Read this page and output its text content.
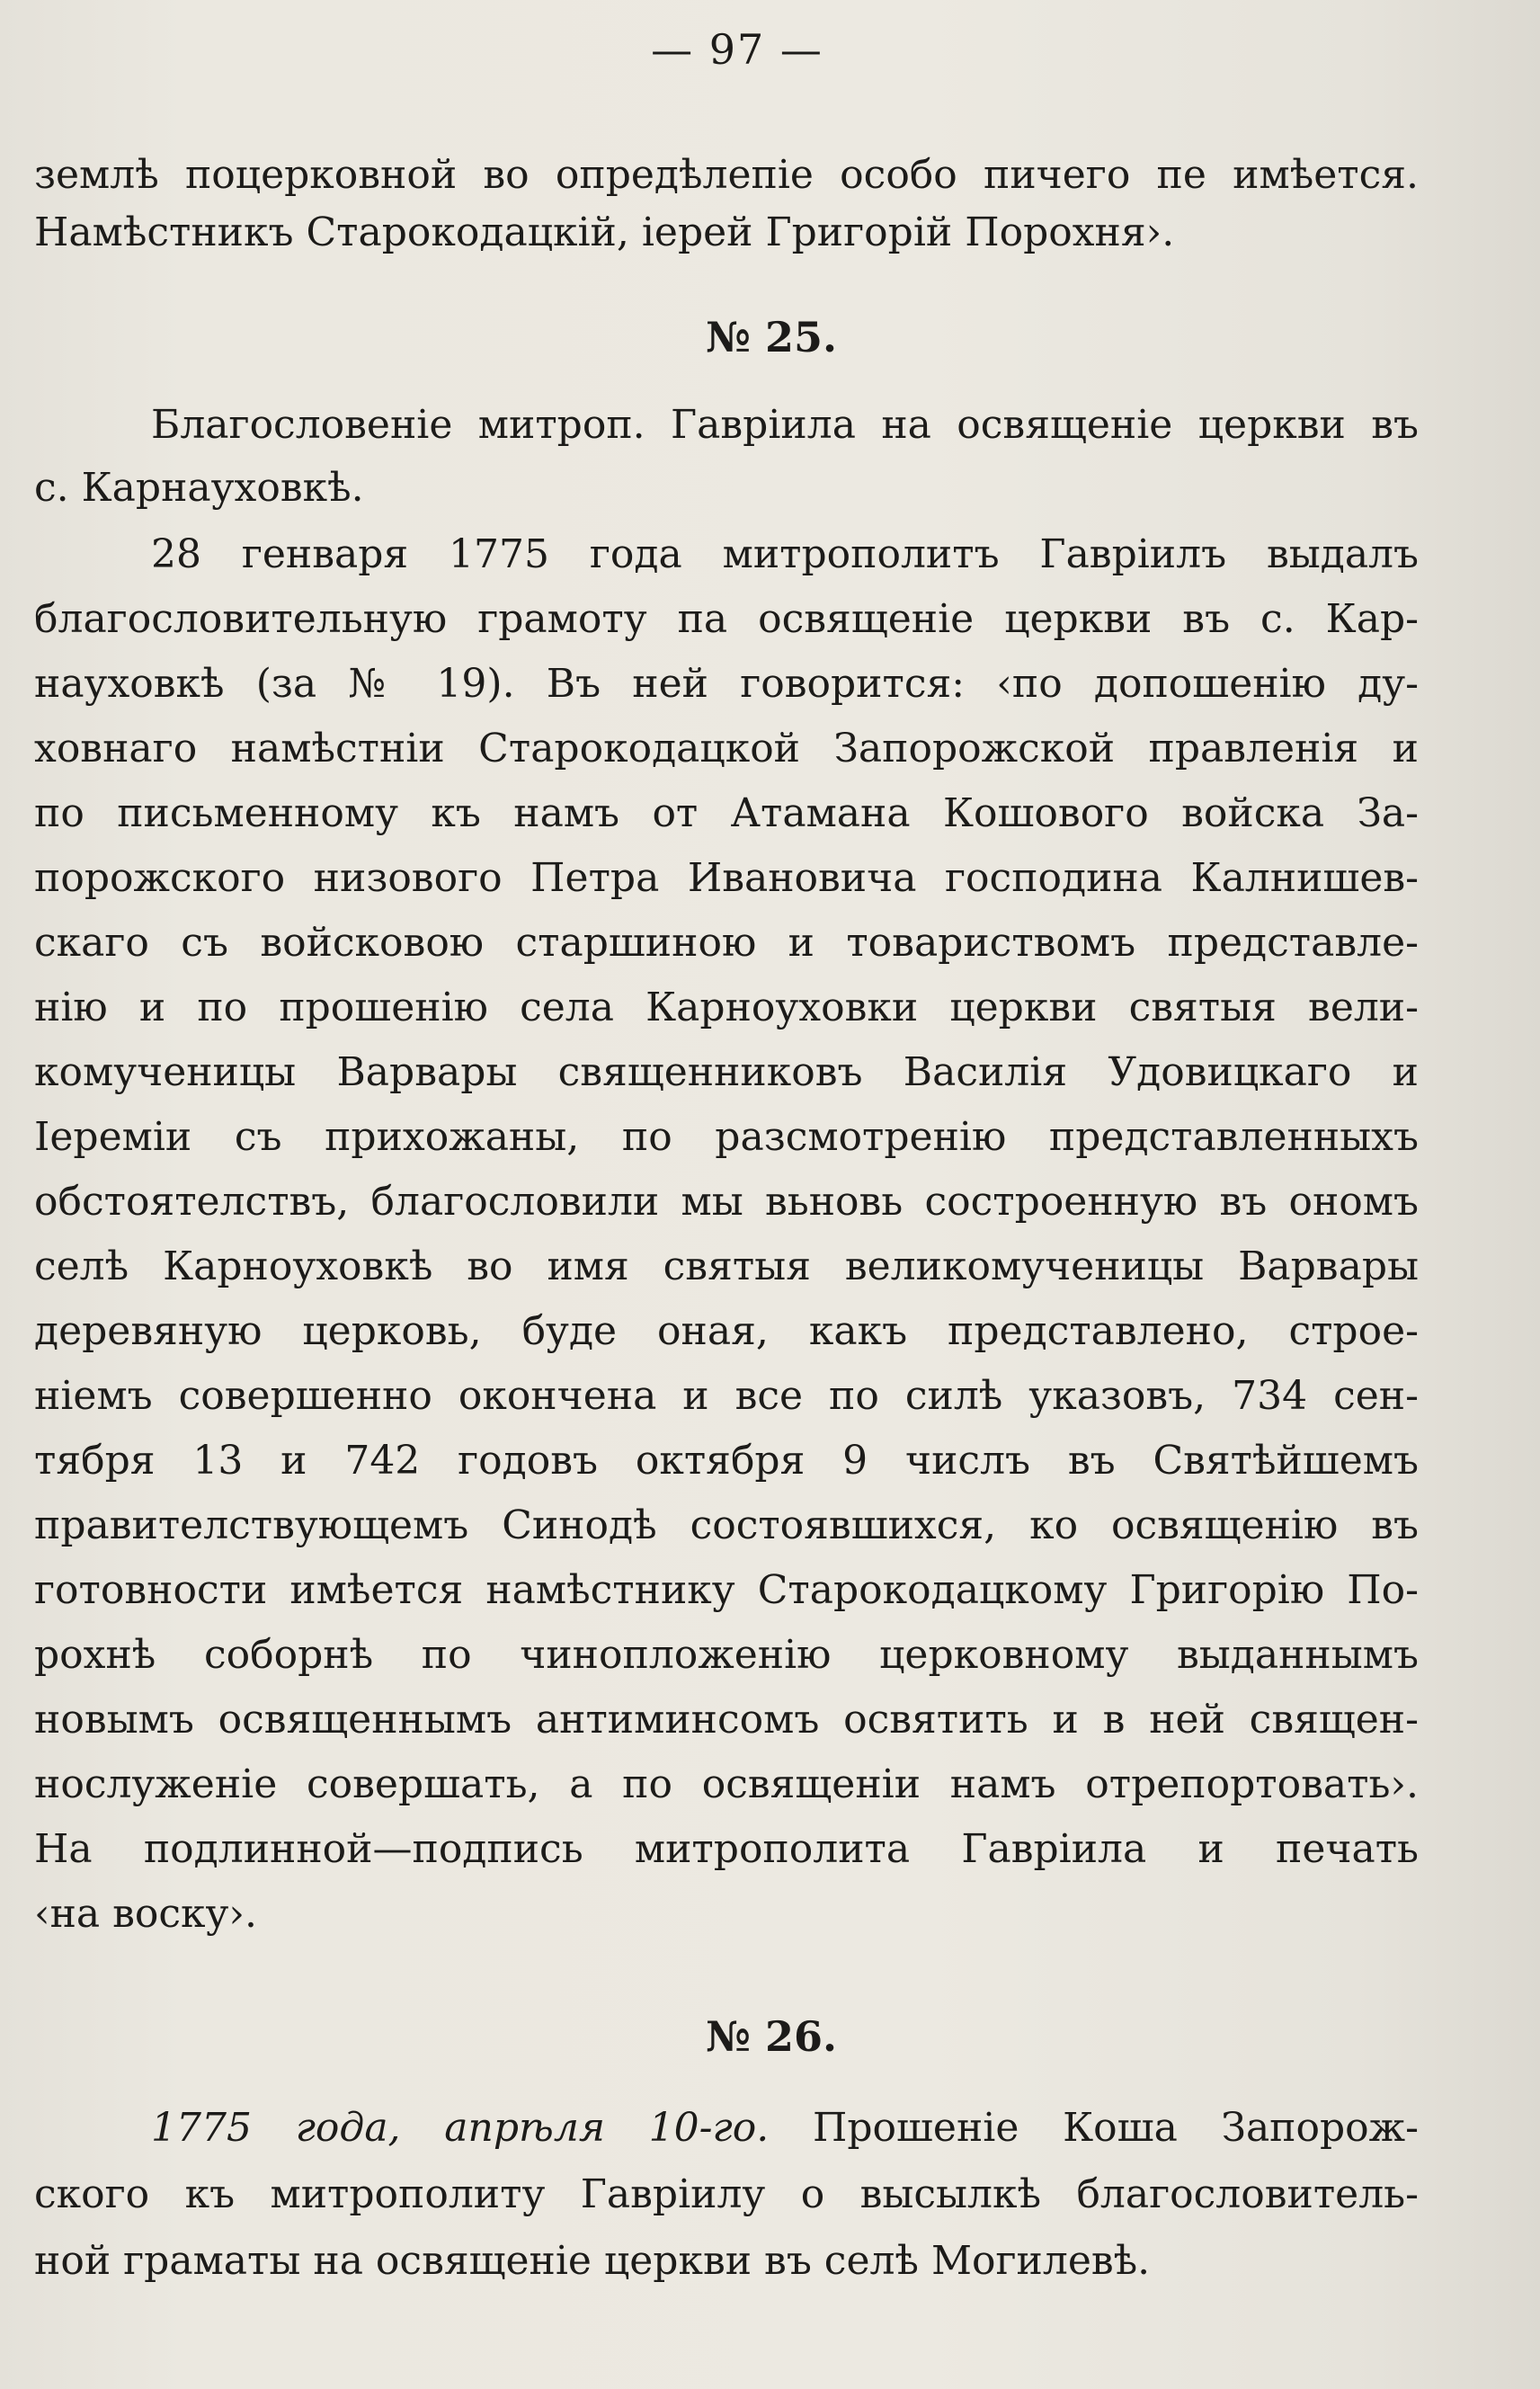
— 97 —
землѣ поцерковной во опредѣлепіе особо пичего пе имѣется.
Намѣстникъ Старокодацкій, іерей Григорій Порохня›.
№ 25.
Благословеніе митроп. Гавріила на освященіе церкви въ
с. Карнауховкѣ.
28 генваря 1775 года митрополитъ Гавріилъ выдалъ
благословительную грамоту па освященіе церкви въ с. Кар-
науховкѣ (за № 19). Въ ней говорится: ‹по допошенію ду-
ховнаго намѣстніи Старокодацкой Запорожской правленія и
по письменному къ намъ от Атамана Кошового войска За-
порожского низового Петра Ивановича господина Калнишев-
скаго съ войсковою старшиною и товариствомъ представле-
нію и по прошенію села Карноуховки церкви святыя вели-
комученицы Варвары священниковъ Василія Удовицкаго и
Іереміи съ прихожаны, по разсмотренію представленныхъ
обстоятелствъ, благословили мы вьновь состроенную въ ономъ
селѣ Карноуховкѣ во имя святыя великомученицы Варвары
деревяную церковь, буде оная, какъ представлено, строе-
ніемъ совершенно окончена и все по силѣ указовъ, 734 сен-
тября 13 и 742 годовъ октября 9 числъ въ Святѣйшемъ
правителствующемъ Синодѣ состоявшихся, ко освященію въ
готовности имѣется намѣстнику Старокодацкому Григорію По-
рохнѣ соборнѣ по чинопложенію церковному выданнымъ
новымъ освященнымъ антиминсомъ освятить и в ней священ-
нослуженіе совершать, а по освященіи намъ отрепортовать›.
На подлинной—подпись митрополита Гавріила и печать
‹на воску›.
№ 26.
1775 года, апрѣля 10-го. Прошеніе Коша Запорож-
ского къ митрополиту Гавріилу о высылкѣ благословитель-
ной граматы на освященіе церкви въ селѣ Могилевѣ.
